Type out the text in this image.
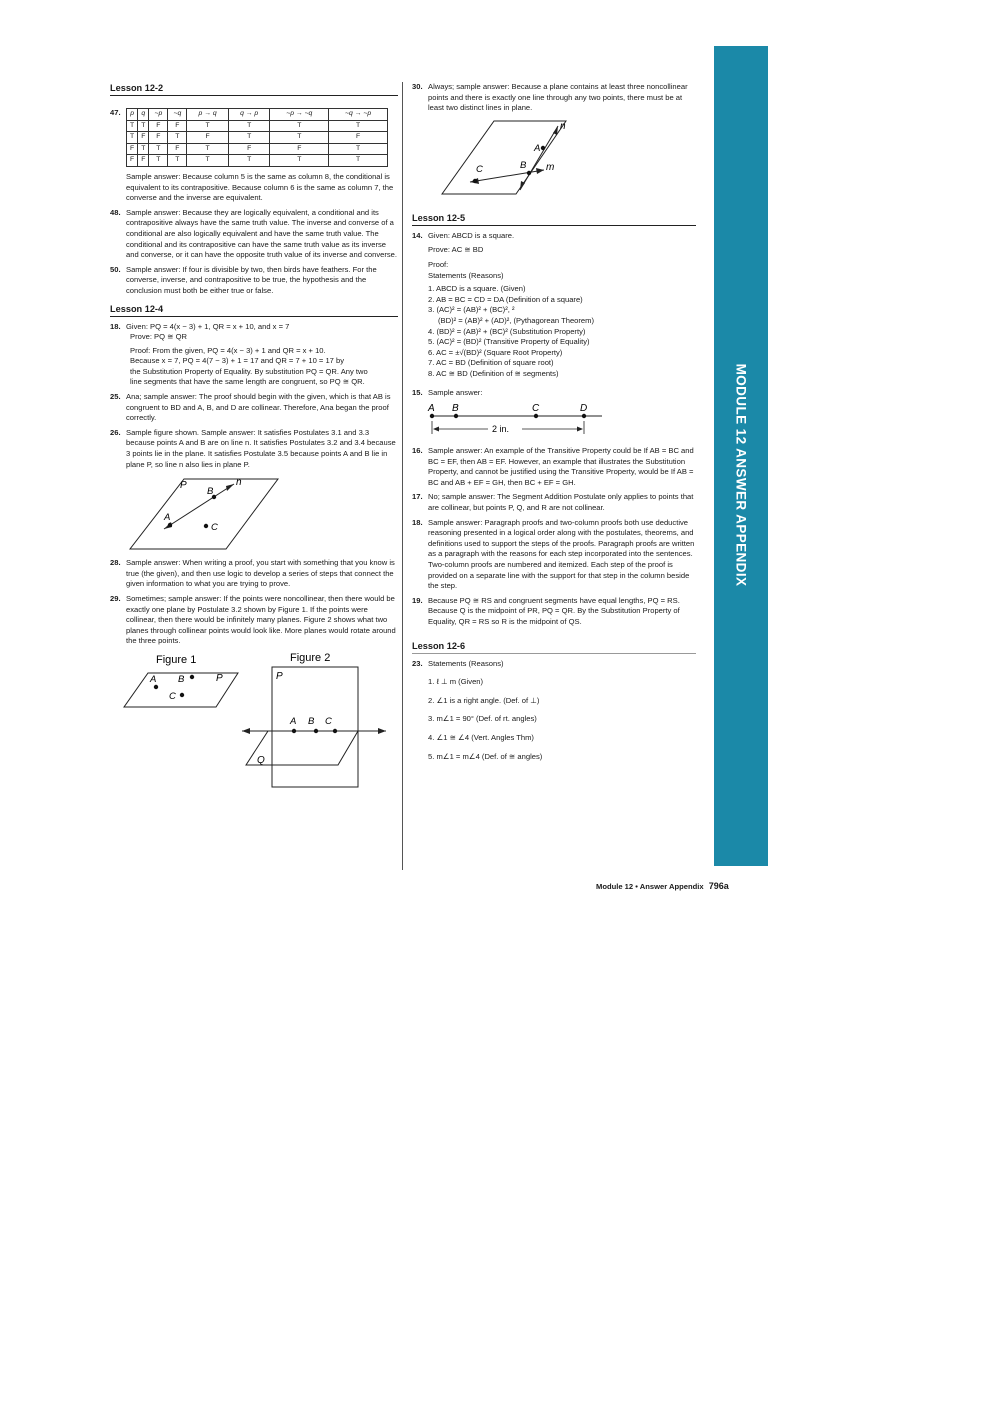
Lesson 12-2
47. p	q	~p	~q	p → q	q → p	~p → ~q	~q → ~p
T	T	F	F	T	T	T	T
T	F	F	T	F	T	T	F
F	T	T	F	T	F	F	T
F	F	T	T	T	T	T	T

Sample answer: Because column 5 is the same as column 8, the conditional is equivalent to its contrapositive. Because column 6 is the same as column 7, the converse and the inverse are equivalent.

48. Sample answer: Because they are logically equivalent, a conditional and its contrapositive always have the same truth value. The inverse and converse of a conditional are also logically equivalent and have the same truth value. The conditional and its contrapositive can have the same truth value as its inverse and converse, or it can have the opposite truth value of its inverse and converse.

50. Sample answer: If four is divisible by two, then birds have feathers. For the converse, inverse, and contrapositive to be true, the hypothesis and the conclusion must both be either true or false.

Lesson 12-4
18. Given: PQ = 4(x − 3) + 1, QR = x + 10, and x = 7

Prove: PQ ≅ QR

Proof: From the given, PQ = 4(x − 3) + 1 and QR = x + 10.

Because x = 7, PQ = 4(7 − 3) + 1 = 17 and QR = 7 + 10 = 17 by

the Substitution Property of Equality. By substitution PQ = QR. Any two

line segments that have the same length are congruent, so PQ ≅ QR.

25. Ana; sample answer: The proof should begin with the given, which is that AB is congruent to BD and A, B, and D are collinear. Therefore, Ana began the proof correctly.

26. Sample figure shown. Sample answer: It satisfies Postulates 3.1 and 3.3 because points A and B are on line n. It satisfies Postulates 3.2 and 3.4 because 3 points lie in the plane. It satisfies Postulate 3.5 because points A and B lie in plane P, so line n also lies in plane P.

P	n
B
A
C
28. Sample answer: When writing a proof, you start with something that you know is true (the given), and then use logic to develop a series of steps that connect the given information to what you are trying to prove.

29. Sometimes; sample answer: If the points were noncollinear, then there would be exactly one plane by Postulate 3.2 shown by Figure 1. If the points were collinear, then there would be infinitely many planes. Figure 2 shows what two planes through collinear points would look like. More planes would rotate around the three points.

Figure 1
A B
C
P
Figure 2
P
A B C
Q
30. Always; sample answer: Because a plane contains at least three noncollinear points and there is exactly one line through any two points, there must be at least two distinct lines in plane.

n
A
C	B m
Lesson 12-5
14. Given: ABCD is a square.

Prove: AC ≅ BD

Proof:

Statements (Reasons)

1. ABCD is a square. (Given)

2. AB = BC = CD = DA (Definition of a square)

3. (AC)² = (AB)² + (BC)², ²

(BD)² = (AB)² + (AD)², (Pythagorean Theorem)

4. (BD)² = (AB)² + (BC)² (Substitution Property)

5. (AC)² = (BD)² (Transitive Property of Equality)

6. AC = ±√(BD)² (Square Root Property)

7. AC = BD (Definition of square root)

8. AC ≅ BD (Definition of ≅ segments)

15. Sample answer:

A B	C	D
2 in.
16. Sample answer: An example of the Transitive Property could be If AB = BC and BC = EF, then AB = EF. However, an example that illustrates the Substitution Property, and cannot be justified using the Transitive Property, would be If AB = BC and AB + EF = GH, then BC + EF = GH.

17. No; sample answer: The Segment Addition Postulate only applies to points that are collinear, but points P, Q, and R are not collinear.

18. Sample answer: Paragraph proofs and two-column proofs both use deductive reasoning presented in a logical order along with the postulates, theorems, and definitions used to support the steps of the proofs. Paragraph proofs are written as a paragraph with the reasons for each step incorporated into the sentences. Two-column proofs are numbered and itemized. Each step of the proof is provided on a separate line with the support for that step in the column beside the step.

19. Because PQ ≅ RS and congruent segments have equal lengths, PQ = RS. Because Q is the midpoint of PR, PQ = QR. By the Substitution Property of Equality, QR = RS so R is the midpoint of QS.

Lesson 12-6
23. Statements (Reasons)

1. ℓ ⊥ m (Given)

2. ∠1 is a right angle. (Def. of ⊥)

3. m∠1 = 90° (Def. of rt. angles)

4. ∠1 ≅ ∠4 (Vert. Angles Thm)

5. m∠1 = m∠4 (Def. of ≅ angles)

MODULE 12 ANSWER APPENDIX
Module 12 • Answer Appendix 796a
